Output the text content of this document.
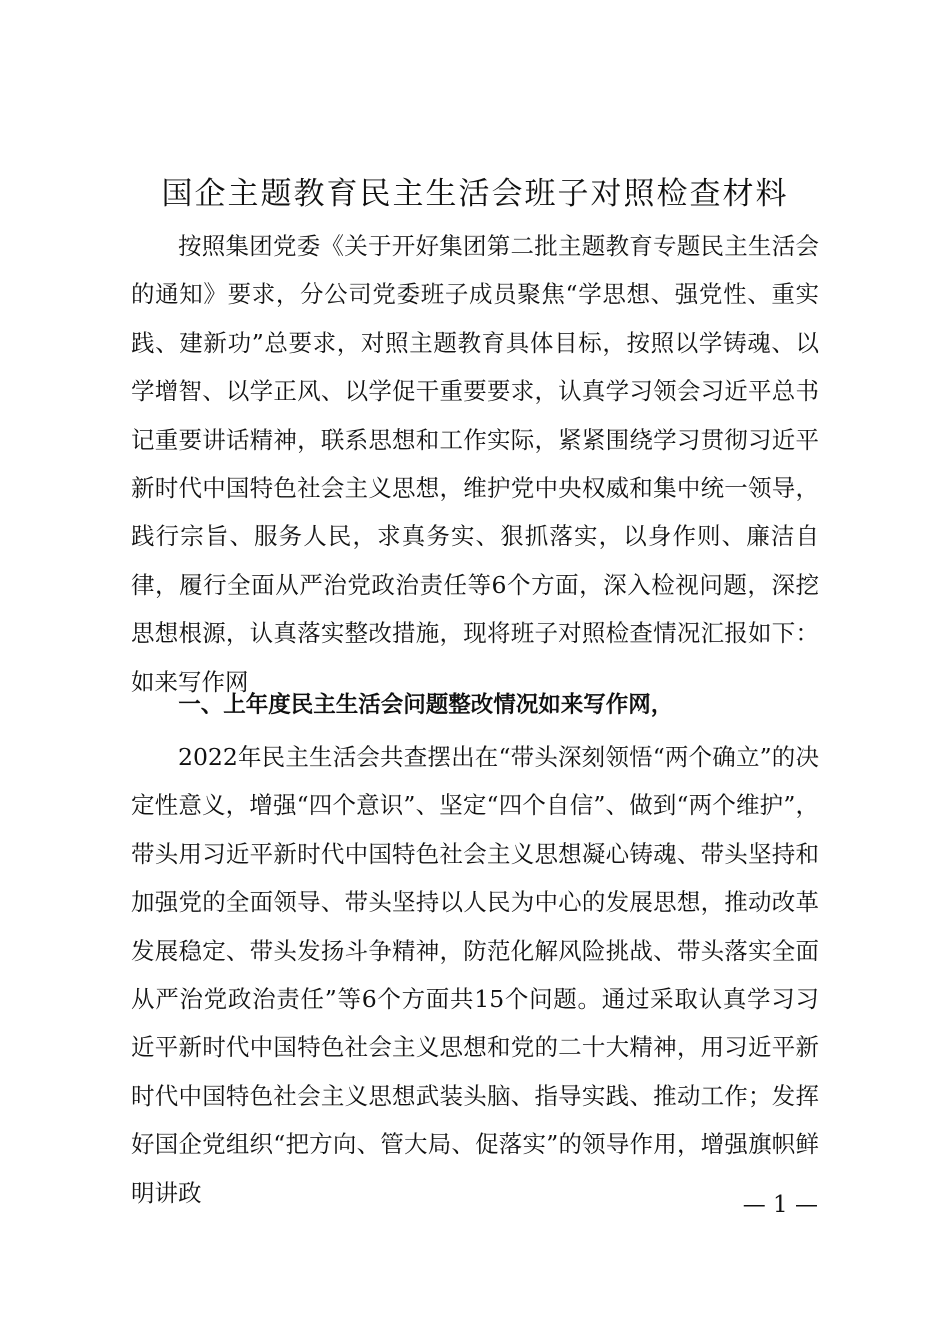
国企主题教育民主生活会班子对照检查材料

按照集团党委《关于开好集团第二批主题教育专题民主生活会的通知》要求，分公司党委班子成员聚焦“学思想、强党性、重实践、建新功”总要求，对照主题教育具体目标，按照以学铸魂、以学增智、以学正风、以学促干重要要求，认真学习领会习近平总书记重要讲话精神，联系思想和工作实际，紧紧围绕学习贯彻习近平新时代中国特色社会主义思想，维护党中央权威和集中统一领导，践行宗旨、服务人民，求真务实、狠抓落实，以身作则、廉洁自律，履行全面从严治党政治责任等6个方面，深入检视问题，深挖思想根源，认真落实整改措施，现将班子对照检查情况汇报如下：如来写作网

一、上年度民主生活会问题整改情况如来写作网，

2022年民主生活会共查摆出在“带头深刻领悟“两个确立”的决定性意义，增强“四个意识”、坚定“四个自信”、做到“两个维护”，带头用习近平新时代中国特色社会主义思想凝心铸魂、带头坚持和加强党的全面领导、带头坚持以人民为中心的发展思想，推动改革发展稳定、带头发扬斗争精神，防范化解风险挑战、带头落实全面从严治党政治责任”等6个方面共15个问题。通过采取认真学习习近平新时代中国特色社会主义思想和党的二十大精神，用习近平新时代中国特色社会主义思想武装头脑、指导实践、推动工作；发挥好国企党组织“把方向、管大局、促落实”的领导作用，增强旗帜鲜明讲政	— 1 —
